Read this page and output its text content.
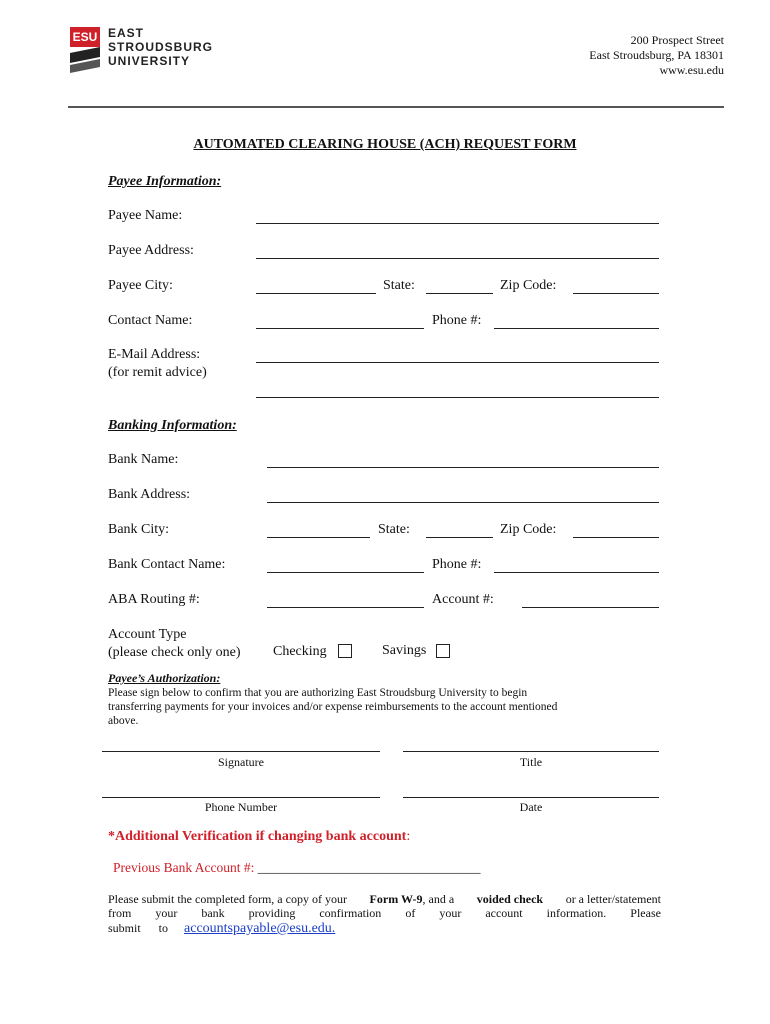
ESU EAST
STROUDSBURG
UNIVERSITY
200 Prospect Street
East Stroudsburg, PA 18301
www.esu.edu
AUTOMATED CLEARING HOUSE (ACH) REQUEST FORM
Payee Information:
Payee Name:
Payee Address:
Payee City:	State:	Zip Code:
Contact Name:	Phone #:
E-Mail Address:
(for remit advice)
Banking Information:
Bank Name:
Bank Address:
Bank City:	State:	Zip Code:
Bank Contact Name:	Phone #:
ABA Routing #:	Account #:
Account Type
(please check only one) Checking	Savings
Payee’s Authorization:
Please sign below to confirm that you are authorizing East Stroudsburg University to begin
transferring payments for your invoices and/or expense reimbursements to the account mentioned
above.
Signature	Title
Phone Number	Date
*Additional Verification if changing bank account:
Previous Bank Account #: _________________________________
Please submit the completed form, a copy of your Form W-9, and a voided check or a letter/statement
from your bank providing confirmation of your account information. Please
submit to accountspayable@esu.edu.
